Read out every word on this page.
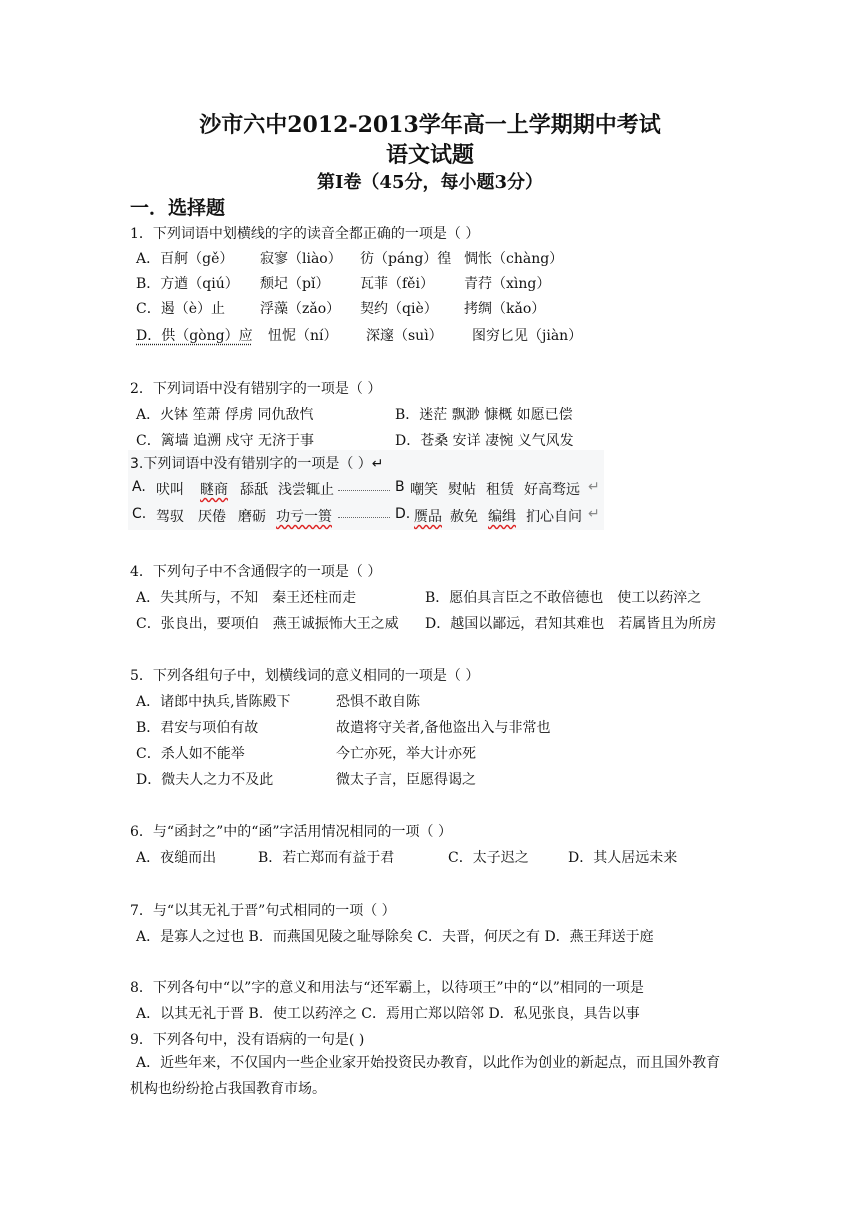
沙市六中2012-2013学年高一上学期期中考试
语文试题
第Ⅰ卷（45分，每小题3分）
一．选择题
1．下列词语中划横线的字的读音全都正确的一项是（ ）
A．百舸（gě） 寂寥（liào） 彷（páng）徨 惆怅（chàng）
B．方遒（qiú） 颓圮（pǐ） 瓦菲（fěi） 青荇（xìng）
C．遏（è）止	浮藻（zǎo） 契约（qiè） 拷绸（kǎo）
D．供（gòng）应 忸怩（ní） 深邃（suì） 图穷匕见（jiàn）
2．下列词语中没有错别字的一项是（ ）
A．火钵 笙萧 俘虏 同仇敌忾	B．迷茫 飘渺 慷概 如愿已偿
C．篱墙 追溯 戍守 无济于事	D．苍桑 安详 凄惋 义气风发
3.下列词语中没有错别字的一项是（ ）↵
A. 吠叫 瞇商 舔舐 浅尝辄止	B 嘲笑 熨帖 租赁 好高骛远 ↵
C. 驾驭 厌倦 磨砺 功亏一篑	D. 赝品 赦免 编缉 扪心自问 ↵
4．下列句子中不含通假字的一项是（ ）
A．失其所与，不知　秦王还柱而走	B．愿伯具言臣之不敢倍德也　使工以药淬之
C．张良出，要项伯　燕王诚振怖大王之威 D．越国以鄙远，君知其难也　若属皆且为所房
5．下列各组句子中，划横线词的意义相同的一项是（ ）
A．诸郎中执兵,皆陈殿下	恐惧不敢自陈
B．君安与项伯有故	故遣将守关者,备他盗出入与非常也
C．杀人如不能举	今亡亦死，举大计亦死
D．微夫人之力不及此	微太子言，臣愿得谒之
6．与“函封之”中的“函”字活用情况相同的一项（ ）
A．夜缒而出	B．若亡郑而有益于君	C．太子迟之	D．其人居远未来
7．与“以其无礼于晋”句式相同的一项（ ）
A．是寡人之过也 B．而燕国见陵之耻辱除矣 C．夫晋，何厌之有 D．燕王拜送于庭
8．下列各句中“以”字的意义和用法与“还军霸上，以待项王”中的“以”相同的一项是
A．以其无礼于晋 B．使工以药淬之 C．焉用亡郑以陪邻 D．私见张良，具告以事
9．下列各句中，没有语病的一句是( )
A．近些年来，不仅国内一些企业家开始投资民办教育，以此作为创业的新起点，而且国外教育机构也纷纷抢占我国教育市场。
